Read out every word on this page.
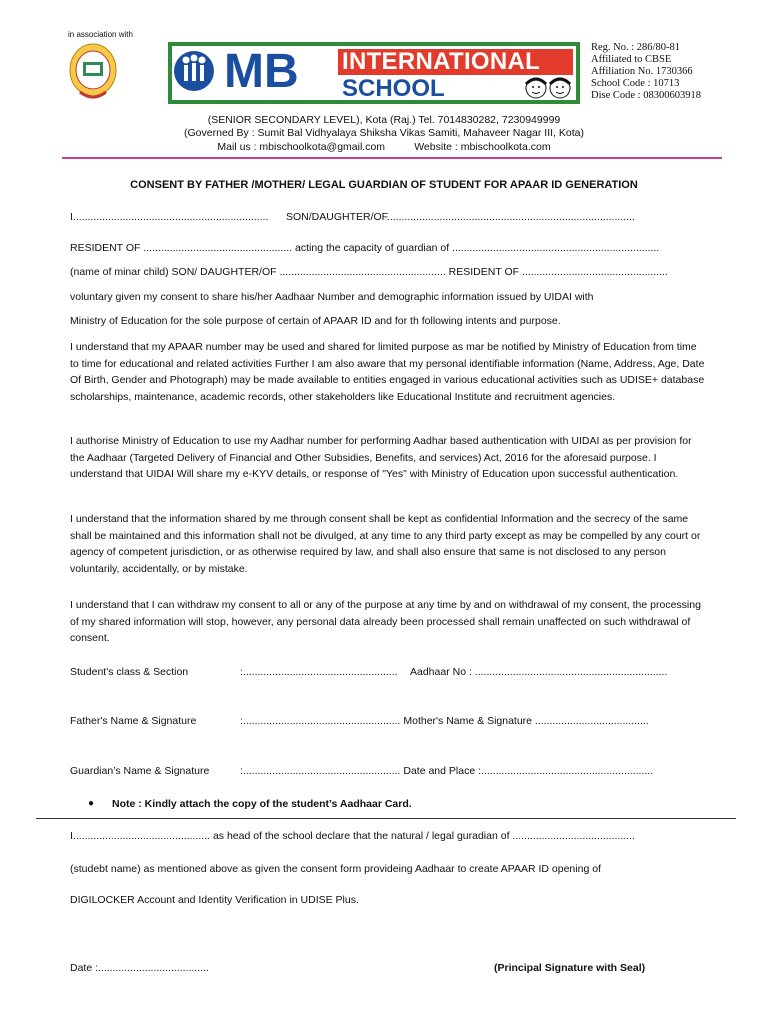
in association with
MB INTERNATIONAL
SCHOOL
Reg. No. : 286/80-81
Affiliated to CBSE
Affiliation No. 1730366
School Code : 10713
Dise Code : 08300603918
(SENIOR SECONDARY LEVEL), Kota (Raj.) Tel. 7014830282, 7230949999
(Governed By : Sumit Bal Vidhyalaya Shiksha Vikas Samiti, Mahaveer Nagar III, Kota)
Mail us : mbischoolkota@gmail.com          Website : mbischoolkota.com
CONSENT BY FATHER /MOTHER/ LEGAL GUARDIAN OF STUDENT FOR APAAR ID GENERATION
I................................................................... SON/DAUGHTER/OF.....................................................................................
RESIDENT OF ................................................... acting the capacity of guardian of .......................................................................
(name of minar child) SON/ DAUGHTER/OF ......................................................... RESIDENT OF ..................................................
voluntary given my consent to share his/her Aadhaar Number and demographic information issued by UIDAI with
Ministry of Education for the sole purpose of certain of APAAR ID and for th following intents and purpose.
I understand that my APAAR number may be used and shared for limited purpose as mar be notified by Ministry of Education from time to time for educational and related activities Further I am also aware that my personal identifiable information (Name, Address, Age, Date Of Birth, Gender and Photograph) may be made available to entities engaged in various educational activities such as UDISE+ database scholarships, maintenance, academic records, other stakeholders like Educational Institute and recruitment agencies.
I authorise Ministry of Education to use my Aadhar number for performing Aadhar based authentication with UIDAI as per provision for the Aadhaar (Targeted Delivery of Financial and Other Subsidies, Benefits, and services) Act, 2016 for the aforesaid purpose. I understand that UIDAI Will share my e-KYV details, or response of "Yes" with Ministry of Education upon successful authentication.
I understand that the information shared by me through consent shall be kept as confidential Information and the secrecy of the same shall be maintained and this information shall not be divulged, at any time to any third party except as may be compelled by any court or agency of competent jurisdiction, or as otherwise required by law, and shall also ensure that same is not disclosed to any person voluntarily, accidentally, or by mistake.
I understand that I can withdraw my consent to all or any of the purpose at any time by and on withdrawal of my consent, the processing of my shared information will stop, however, any personal data already been processed shall remain unaffected on such withdrawal of consent.
Student's class & Section	:..................................................... Aadhaar No : ..................................................................
Father's Name & Signature	:...................................................... Mother's Name & Signature .......................................
Guardian’s Name & Signature	:...................................................... Date and Place :...........................................................
● Note : Kindly attach the copy of the student’s Aadhaar Card.
I............................................... as head of the school declare that the natural / legal guradian of ..........................................
(studebt name) as mentioned above as given the consent form provideing Aadhaar to create APAAR ID opening of
DIGILOCKER Account and Identity Verification in UDISE Plus.
Date :......................................	(Principal Signature with Seal)
